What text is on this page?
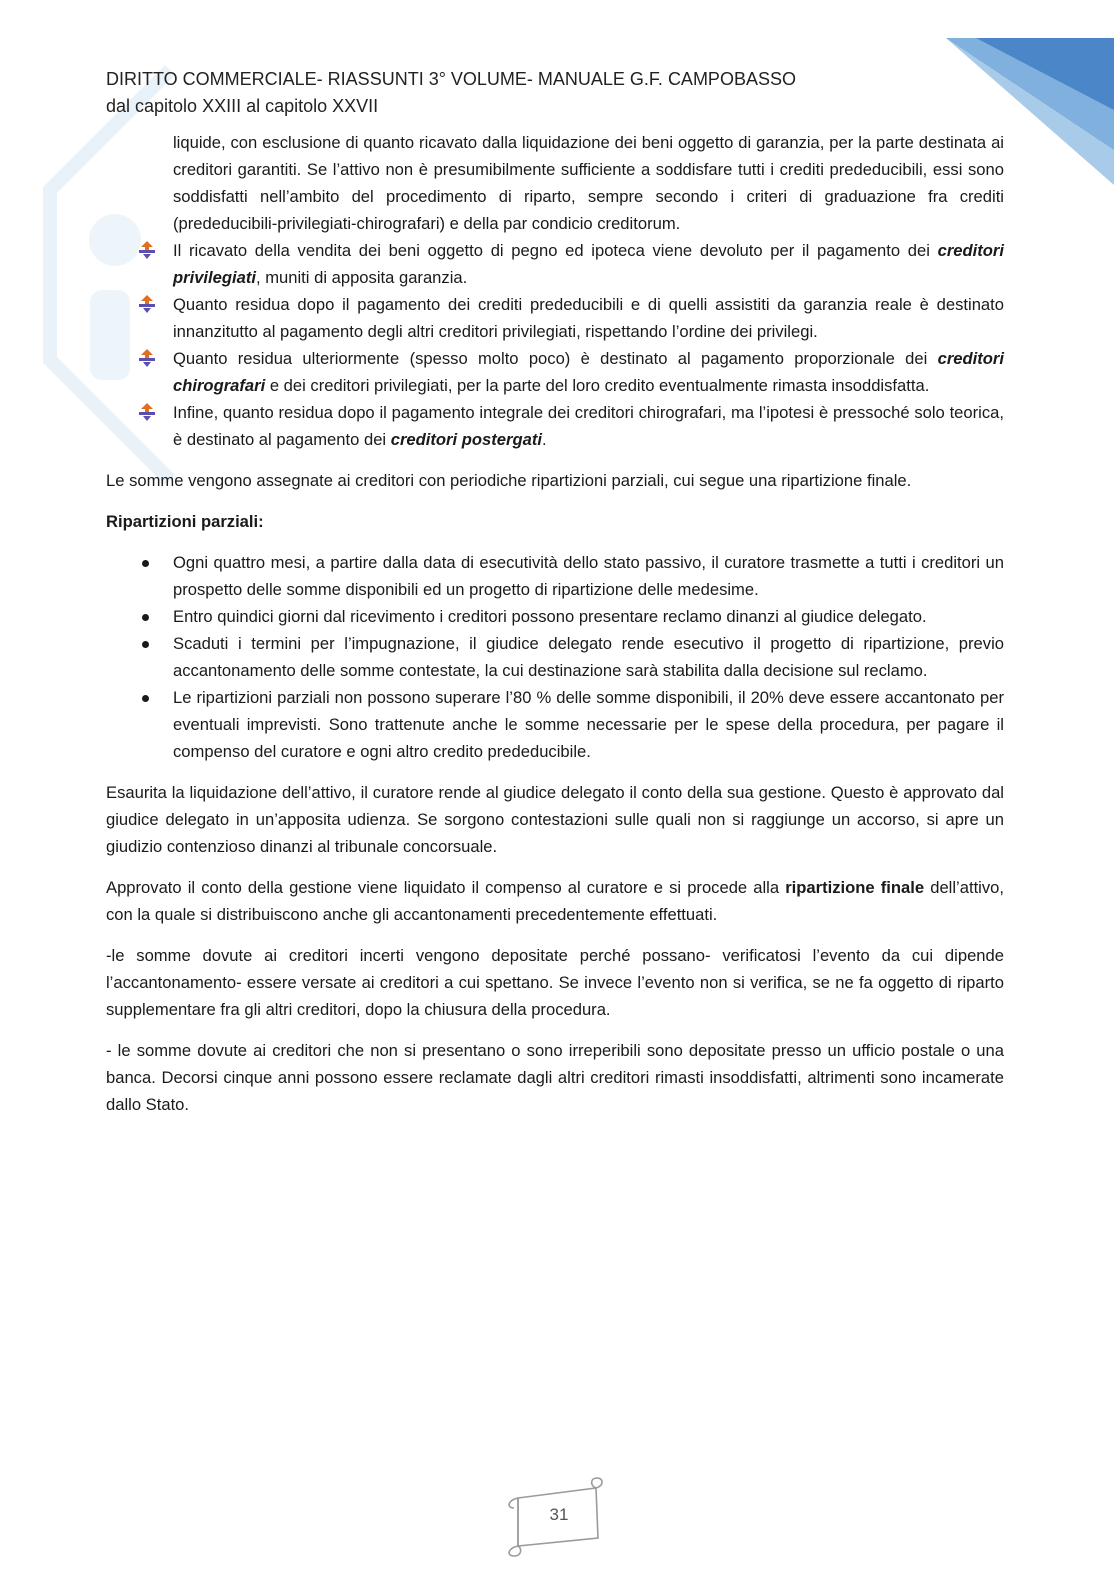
DIRITTO COMMERCIALE- RIASSUNTI 3° VOLUME- MANUALE G.F. CAMPOBASSO
dal capitolo XXIII al capitolo XXVII
liquide, con esclusione di quanto ricavato dalla liquidazione dei beni oggetto di garanzia, per la parte destinata ai creditori garantiti. Se l’attivo non è presumibilmente sufficiente a soddisfare tutti i crediti prededucibili, essi sono soddisfatti nell’ambito del procedimento di riparto, sempre secondo i criteri di graduazione fra crediti (prededucibili-privilegiati-chirografari) e della par condicio creditorum.
Il ricavato della vendita dei beni oggetto di pegno ed ipoteca viene devoluto per il pagamento dei creditori privilegiati, muniti di apposita garanzia.
Quanto residua dopo il pagamento dei crediti prededucibili e di quelli assistiti da garanzia reale è destinato innanzitutto al pagamento degli altri creditori privilegiati, rispettando l’ordine dei privilegi.
Quanto residua ulteriormente (spesso molto poco) è destinato al pagamento proporzionale dei creditori chirografari e dei creditori privilegiati, per la parte del loro credito eventualmente rimasta insoddisfatta.
Infine, quanto residua dopo il pagamento integrale dei creditori chirografari, ma l’ipotesi è pressoché solo teorica, è destinato al pagamento dei creditori postergati.

Le somme vengono assegnate ai creditori con periodiche ripartizioni parziali, cui segue una ripartizione finale.

Ripartizioni parziali:

Ogni quattro mesi, a partire dalla data di esecutività dello stato passivo, il curatore trasmette a tutti i creditori un prospetto delle somme disponibili ed un progetto di ripartizione delle medesime.
Entro quindici giorni dal ricevimento i creditori possono presentare reclamo dinanzi al giudice delegato.
Scaduti i termini per l’impugnazione, il giudice delegato rende esecutivo il progetto di ripartizione, previo accantonamento delle somme contestate, la cui destinazione sarà stabilita dalla decisione sul reclamo.
Le ripartizioni parziali non possono superare l’80 % delle somme disponibili, il 20% deve essere accantonato per eventuali imprevisti. Sono trattenute anche le somme necessarie per le spese della procedura, per pagare il compenso del curatore e ogni altro credito prededucibile.

Esaurita la liquidazione dell’attivo, il curatore rende al giudice delegato il conto della sua gestione. Questo è approvato dal giudice delegato in un’apposita udienza. Se sorgono contestazioni sulle quali non si raggiunge un accorso, si apre un giudizio contenzioso dinanzi al tribunale concorsuale.

Approvato il conto della gestione viene liquidato il compenso al curatore e si procede alla ripartizione finale dell’attivo, con la quale si distribuiscono anche gli accantonamenti precedentemente effettuati.

-le somme dovute ai creditori incerti vengono depositate perché possano- verificatosi l’evento da cui dipende l’accantonamento- essere versate ai creditori a cui spettano. Se invece l’evento non si verifica, se ne fa oggetto di riparto supplementare fra gli altri creditori, dopo la chiusura della procedura.

- le somme dovute ai creditori che non si presentano o sono irreperibili sono depositate presso un ufficio postale o una banca. Decorsi cinque anni possono essere reclamate dagli altri creditori rimasti insoddisfatti, altrimenti sono incamerate dallo Stato.

31
